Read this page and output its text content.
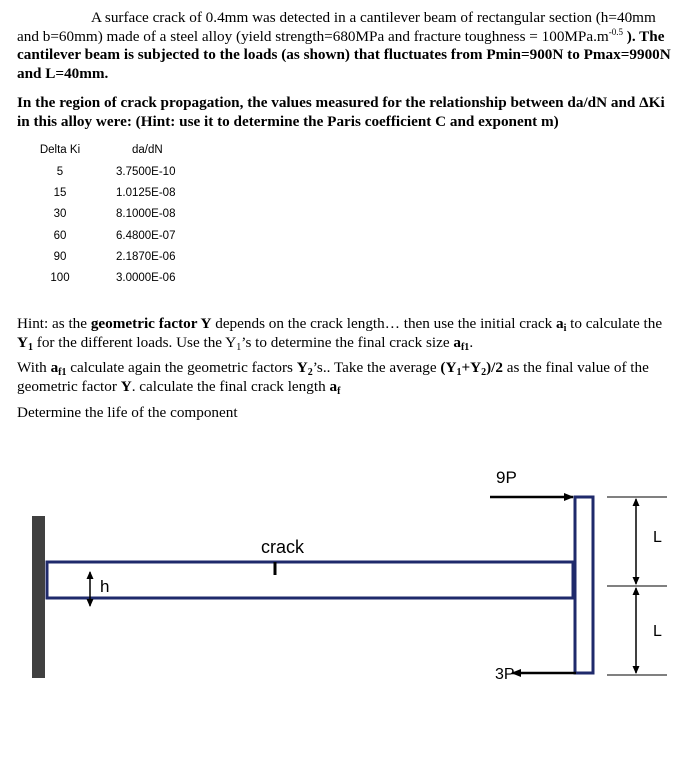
A surface crack of 0.4mm was detected in a cantilever beam of rectangular section (h=40mm and b=60mm) made of a steel alloy (yield strength=680MPa and fracture toughness = $100MPa.m^{-0.5}$ ). The cantilever beam is subjected to the loads (as shown) that fluctuates from Pmin=900N to Pmax=9900N and L=40mm.
In the region of crack propagation, the values measured for the relationship between da/dN and ΔKi in this alloy were: (Hint: use it to determine the Paris coefficient C and exponent m)
Delta Ki	da/dN
5	3.7500E-10
15	1.0125E-08
30	8.1000E-08
60	6.4800E-07
90	2.1870E-06
100	3.0000E-06
Hint: as the geometric factor Y depends on the crack length… then use the initial crack $a_i$ to calculate the $Y_1$ for the different loads. Use the $Y_1’s$ to determine the final crack size $a_{f1}$.
With $a_{f1}$ calculate again the geometric factors $Y_2’s$.. Take the average $(Y_1+Y_2)/2$ as the final value of the geometric factor Y. calculate the final crack length $a_f$
Determine the life of the component
crack
h
9P
3P
L
L
